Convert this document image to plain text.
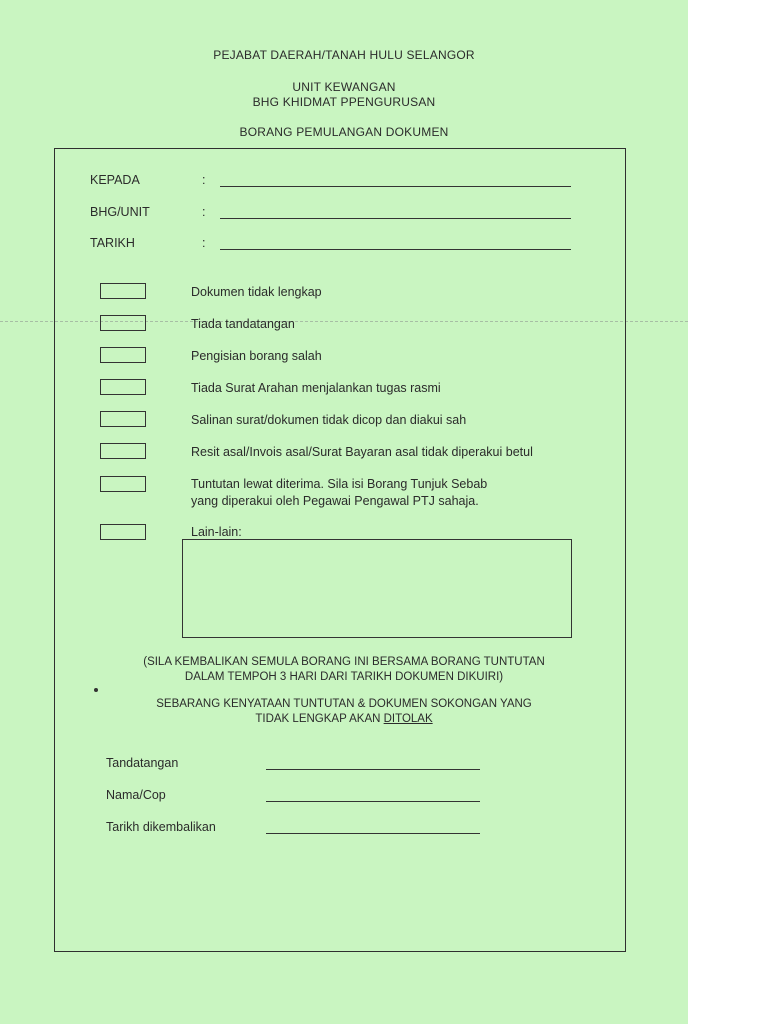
PEJABAT DAERAH/TANAH HULU SELANGOR
UNIT KEWANGAN
BHG KHIDMAT PPENGURUSAN
BORANG PEMULANGAN DOKUMEN
KEPADA	:
BHG/UNIT	:
TARIKH	:
Dokumen tidak lengkap
Tiada tandatangan
Pengisian borang salah
Tiada Surat Arahan menjalankan tugas rasmi
Salinan surat/dokumen tidak dicop dan diakui sah
Resit asal/Invois asal/Surat Bayaran asal tidak diperakui betul
Tuntutan lewat diterima. Sila isi Borang Tunjuk Sebab
yang diperakui oleh Pegawai Pengawal PTJ sahaja.
Lain-lain:
(SILA KEMBALIKAN SEMULA BORANG INI BERSAMA BORANG TUNTUTAN
DALAM TEMPOH 3 HARI DARI TARIKH DOKUMEN DIKUIRI)
SEBARANG KENYATAAN TUNTUTAN & DOKUMEN SOKONGAN YANG
TIDAK LENGKAP AKAN DITOLAK
Tandatangan
Nama/Cop
Tarikh dikembalikan
